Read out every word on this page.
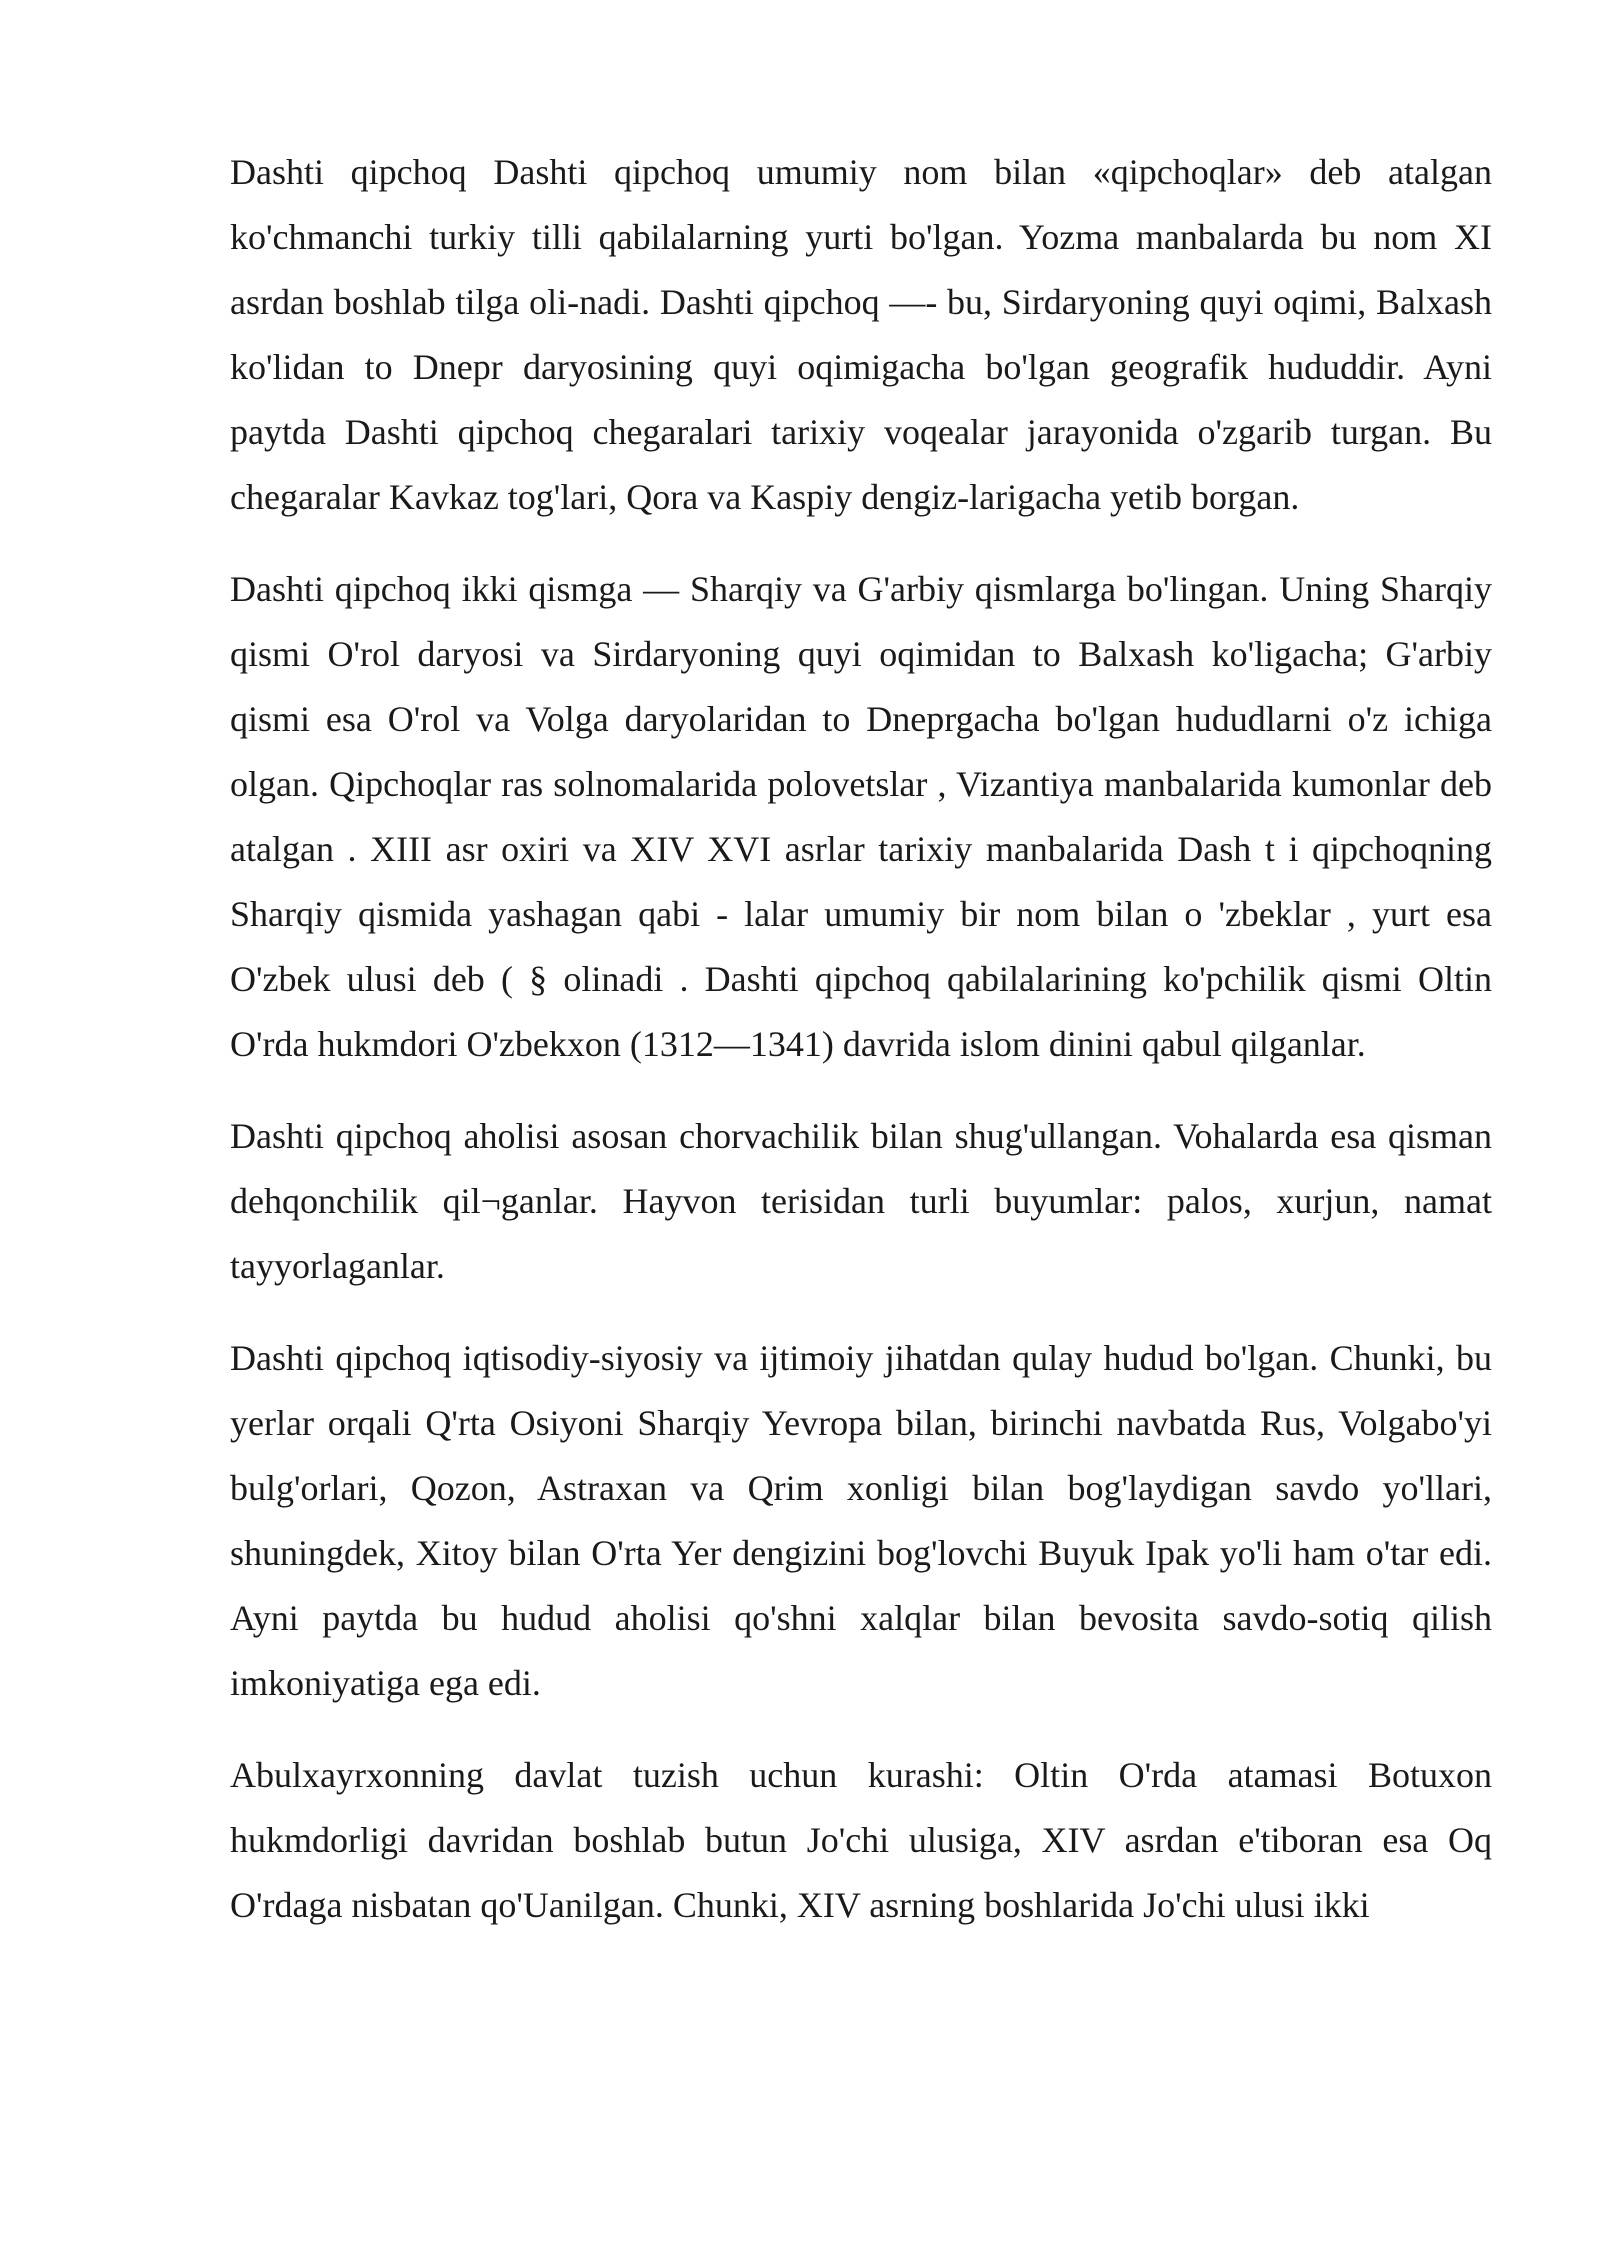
Dashti qipchoq Dashti qipchoq umumiy nom bilan «qipchoqlar» deb atalgan ko'chmanchi turkiy tilli qabilalarning yurti bo'lgan. Yozma manbalarda bu nom XI asrdan boshlab tilga oli-nadi. Dashti qipchoq —- bu, Sirdaryoning quyi oqimi, Balxash ko'lidan to Dnepr daryosining quyi oqimigacha bo'lgan geografik hududdir. Ayni paytda Dashti qipchoq chegaralari tarixiy voqealar jarayonida o'zgarib turgan. Bu chegaralar Kavkaz tog'lari, Qora va Kaspiy dengiz-larigacha yetib borgan.

Dashti qipchoq ikki qismga — Sharqiy va G'arbiy qismlarga bo'lingan. Uning Sharqiy qismi O'rol daryosi va Sirdaryoning quyi oqimidan to Balxash ko'ligacha; G'arbiy qismi esa O'rol va Volga daryolaridan to Dneprgacha bo'lgan hududlarni o'z ichiga olgan. Qipchoqlar ras solnomalarida polovetslar , Vizantiya manbalarida kumonlar deb atalgan . XIII asr oxiri va XIV XVI asrlar tarixiy manbalarida Dash t i qipchoqning Sharqiy qismida yashagan qabi - lalar umumiy bir nom bilan o 'zbeklar , yurt esa O'zbek ulusi deb ( § olinadi . Dashti qipchoq qabilalarining ko'pchilik qismi Oltin O'rda hukmdori O'zbekxon (1312—1341) davrida islom dinini qabul qilganlar.

Dashti qipchoq aholisi asosan chorvachilik bilan shug'ullangan. Vohalarda esa qisman dehqonchilik qil¬ganlar. Hayvon terisidan turli buyumlar: palos, xurjun, namat tayyorlaganlar.

Dashti qipchoq iqtisodiy-siyosiy va ijtimoiy jihatdan qulay hudud bo'lgan. Chunki, bu yerlar orqali Q'rta Osiyoni Sharqiy Yevropa bilan, birinchi navbatda Rus, Volgabo'yi bulg'orlari, Qozon, Astraxan va Qrim xonligi bilan bog'laydigan savdo yo'llari, shuningdek, Xitoy bilan O'rta Yer dengizini bog'lovchi Buyuk Ipak yo'li ham o'tar edi. Ayni paytda bu hudud aholisi qo'shni xalqlar bilan bevosita savdo-sotiq qilish imkoniyatiga ega edi.

Abulxayrxonning davlat tuzish uchun kurashi: Oltin O'rda atamasi Botuxon hukmdorligi davridan boshlab butun Jo'chi ulusiga, XIV asrdan e'tiboran esa Oq O'rdaga nisbatan qo'Uanilgan. Chunki, XIV asrning boshlarida Jo'chi ulusi ikki
